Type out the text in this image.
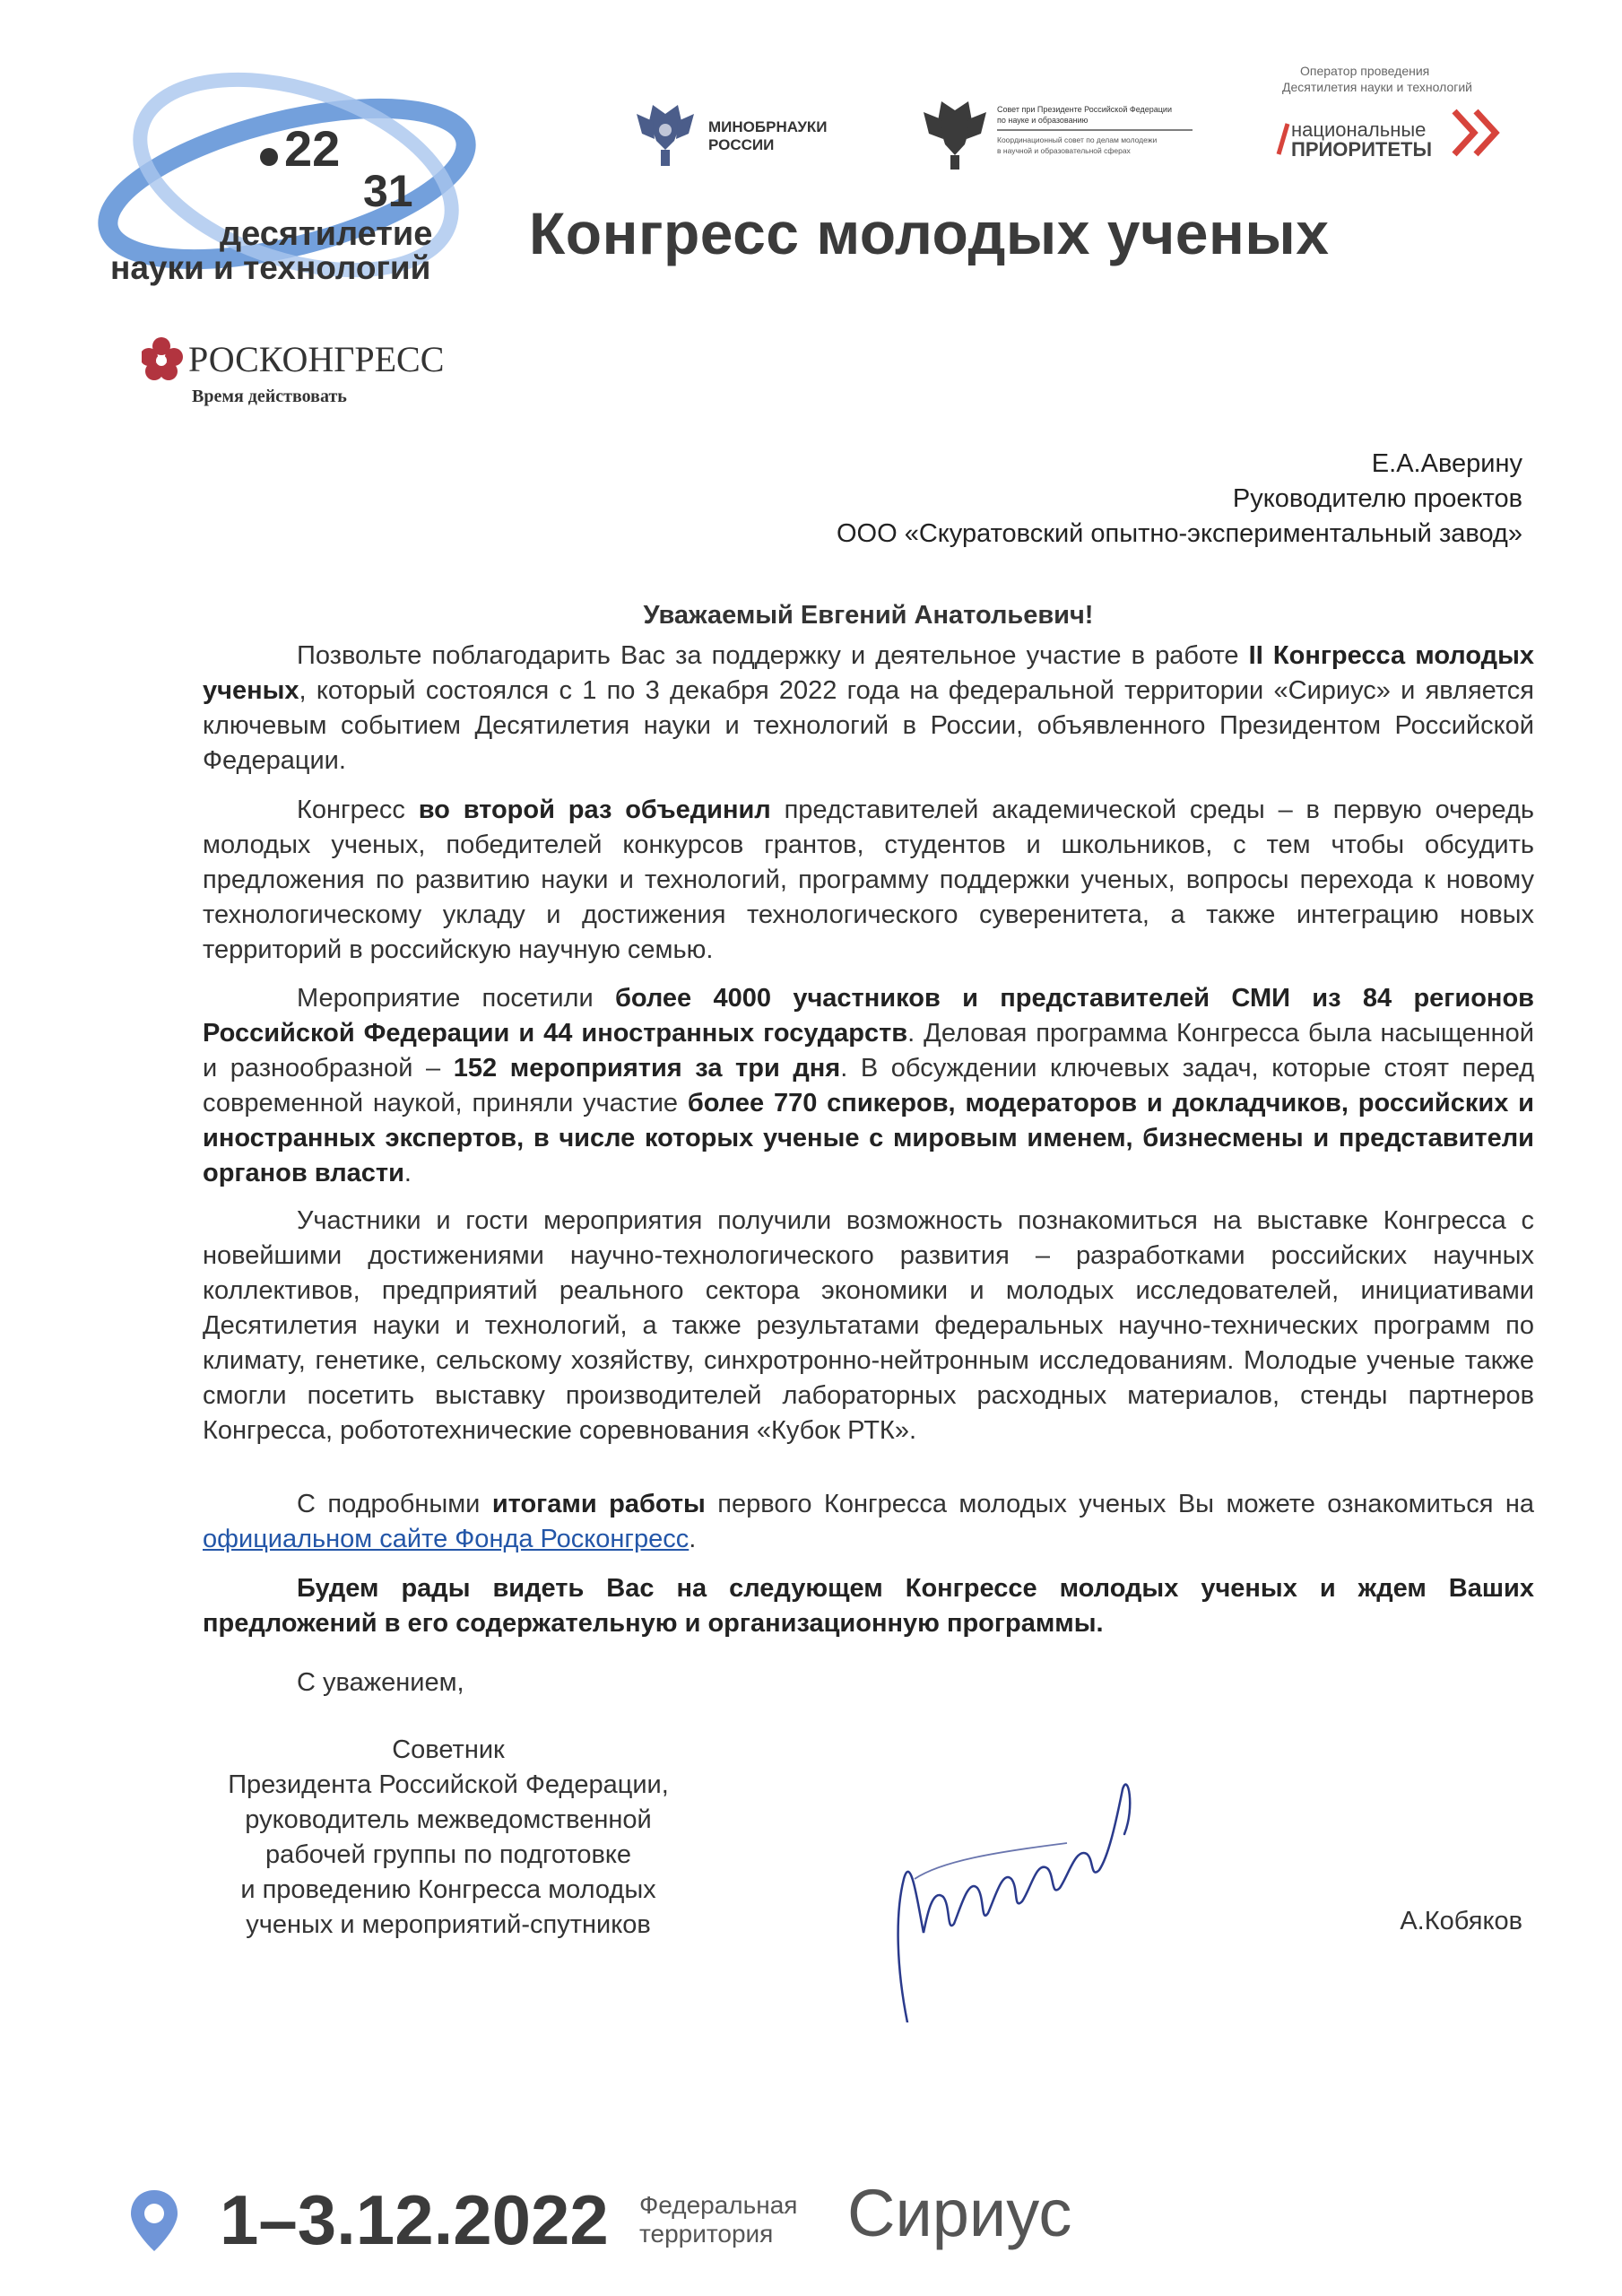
22
31
десятилетие
науки и технологий
РОСКОНГРЕСС
Время действовать
МИНОБРНАУКИ
РОССИИ
Совет при Президенте Российской Федерации
по науке и образованию
Координационный совет по делам молодежи
в научной и образовательной сферах
Оператор проведения
Десятилетия науки и технологий
национальные
ПРИОРИТЕТЫ
Конгресс молодых ученых
Е.А.Аверину
Руководителю проектов
ООО «Скуратовский опытно-экспериментальный завод»
Уважаемый Евгений Анатольевич!

Позвольте поблагодарить Вас за поддержку и деятельное участие в работе II Конгресса молодых ученых, который состоялся с 1 по 3 декабря 2022 года на федеральной территории «Сириус» и является ключевым событием Десятилетия науки и технологий в России, объявленного Президентом Российской Федерации.

Конгресс во второй раз объединил представителей академической среды – в первую очередь молодых ученых, победителей конкурсов грантов, студентов и школьников, с тем чтобы обсудить предложения по развитию науки и технологий, программу поддержки ученых, вопросы перехода к новому технологическому укладу и достижения технологического суверенитета, а также интеграцию новых территорий в российскую научную семью.

Мероприятие посетили более 4000 участников и представителей СМИ из 84 регионов Российской Федерации и 44 иностранных государств. Деловая программа Конгресса была насыщенной и разнообразной – 152 мероприятия за три дня. В обсуждении ключевых задач, которые стоят перед современной наукой, приняли участие более 770 спикеров, модераторов и докладчиков, российских и иностранных экспертов, в числе которых ученые с мировым именем, бизнесмены и представители органов власти.

Участники и гости мероприятия получили возможность познакомиться на выставке Конгресса с новейшими достижениями научно-технологического развития – разработками российских научных коллективов, предприятий реального сектора экономики и молодых исследователей, инициативами Десятилетия науки и технологий, а также результатами федеральных научно-технических программ по климату, генетике, сельскому хозяйству, синхротронно-нейтронным исследованиям. Молодые ученые также смогли посетить выставку производителей лабораторных расходных материалов, стенды партнеров Конгресса, робототехнические соревнования «Кубок РТК».

С подробными итогами работы первого Конгресса молодых ученых Вы можете ознакомиться на официальном сайте Фонда Росконгресс.

Будем рады видеть Вас на следующем Конгрессе молодых ученых и ждем Ваших предложений в его содержательную и организационную программы.

С уважением,
Советник
Президента Российской Федерации,
руководитель межведомственной
рабочей группы по подготовке
и проведению Конгресса молодых
ученых и мероприятий-спутников	А.Кобяков
1–3.12.2022 Федеральная
территория	Сириус
